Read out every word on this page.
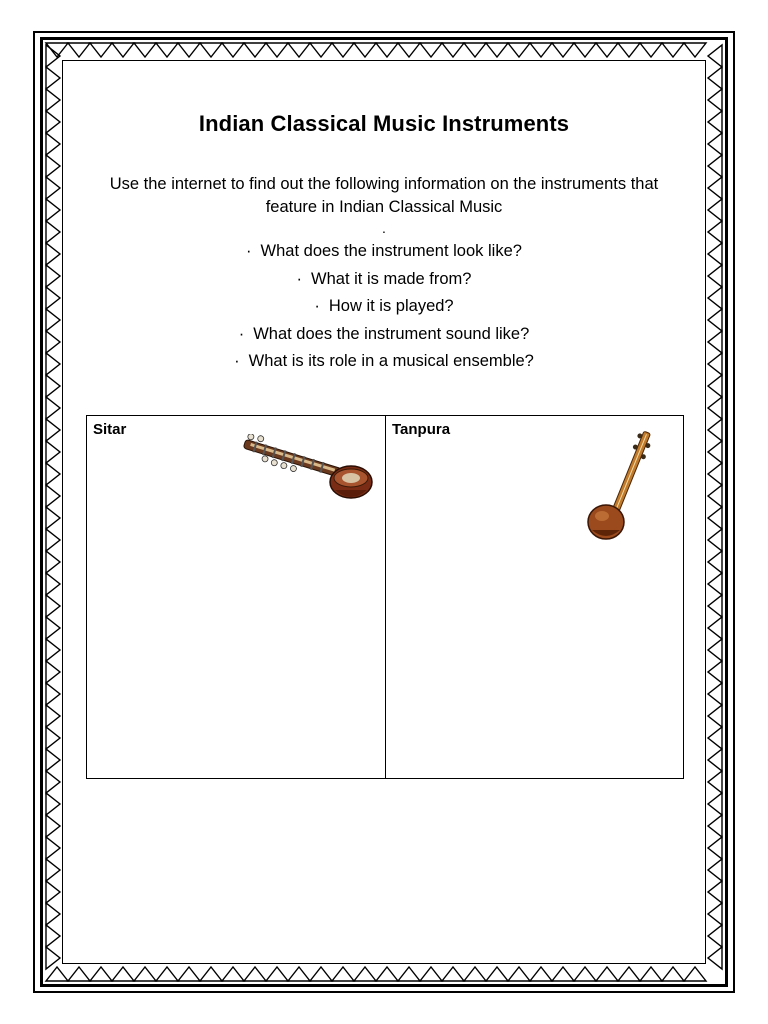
Indian Classical Music Instruments
Use the internet to find out the following information on the instruments that feature in Indian Classical Music
.
· What does the instrument look like?
· What it is made from?
· How it is played?
· What does the instrument sound like?
· What is its role in a musical ensemble?
Sitar	Tanpura
